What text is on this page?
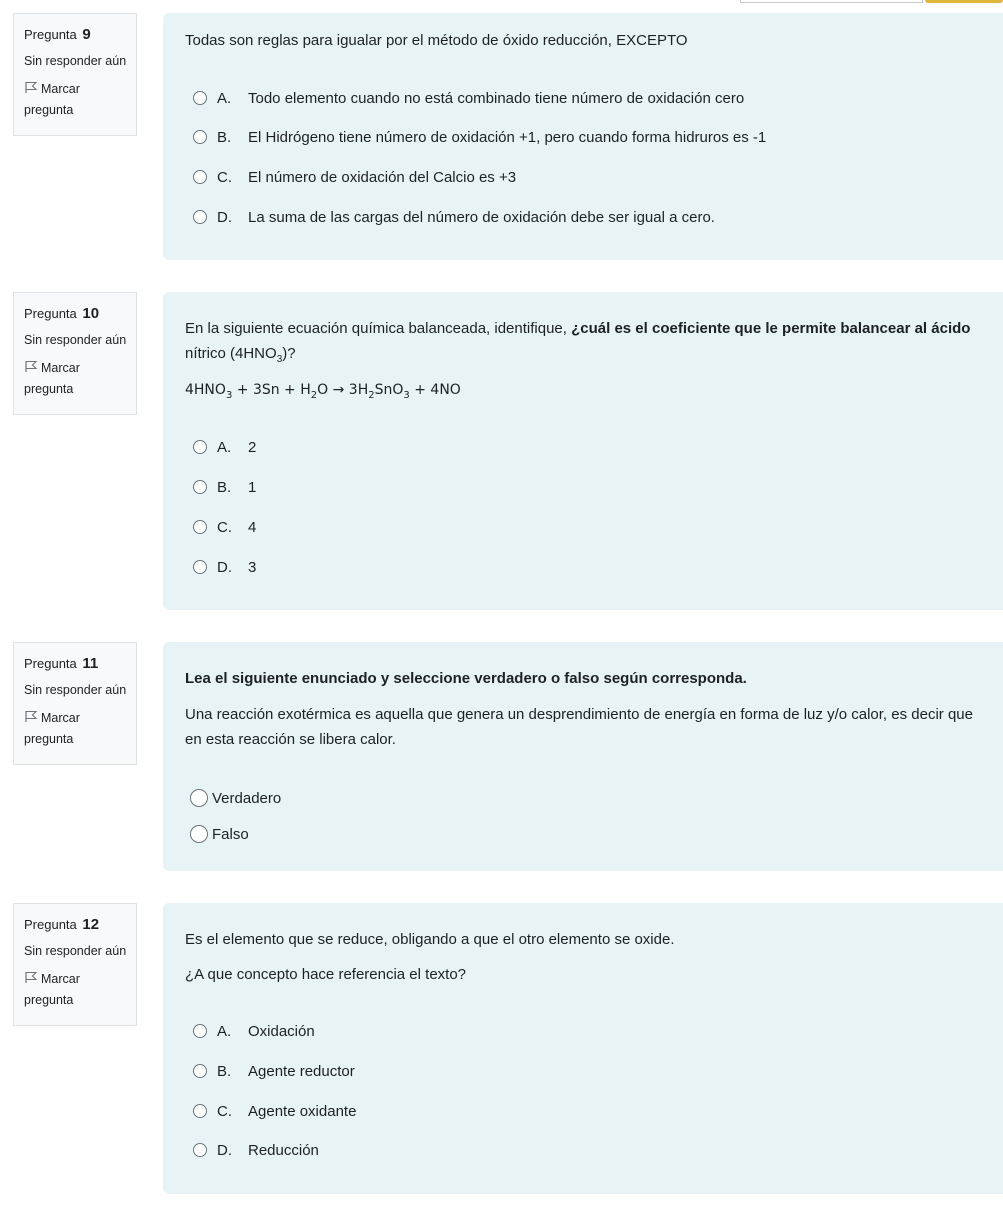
Pregunta 9
Sin responder aún
Marcar
pregunta
Todas son reglas para igualar por el método de óxido reducción, EXCEPTO
A.	Todo elemento cuando no está combinado tiene número de oxidación cero
B.	El Hidrógeno tiene número de oxidación +1, pero cuando forma hidruros es -1
C.	El número de oxidación del Calcio es +3
D.	La suma de las cargas del número de oxidación debe ser igual a cero.
Pregunta 10
Sin responder aún
Marcar
pregunta
En la siguiente ecuación química balanceada, identifique, ¿cuál es el coeficiente que le permite balancear al ácido
nítrico $(4HNO_3)$?
$4HNO_3 + 3Sn + H_2O \to 3H_2SnO_3 + 4NO$
A.	2
B.	1
C.	4
D.	3
Pregunta 11
Sin responder aún
Marcar
pregunta
Lea el siguiente enunciado y seleccione verdadero o falso según corresponda.
Una reacción exotérmica es aquella que genera un desprendimiento de energía en forma de luz y/o calor, es decir que
en esta reacción se libera calor.
Verdadero
Falso
Pregunta 12
Sin responder aún
Marcar
pregunta
Es el elemento que se reduce, obligando a que el otro elemento se oxide.
¿A que concepto hace referencia el texto?
A.	Oxidación
B.	Agente reductor
C.	Agente oxidante
D.	Reducción
